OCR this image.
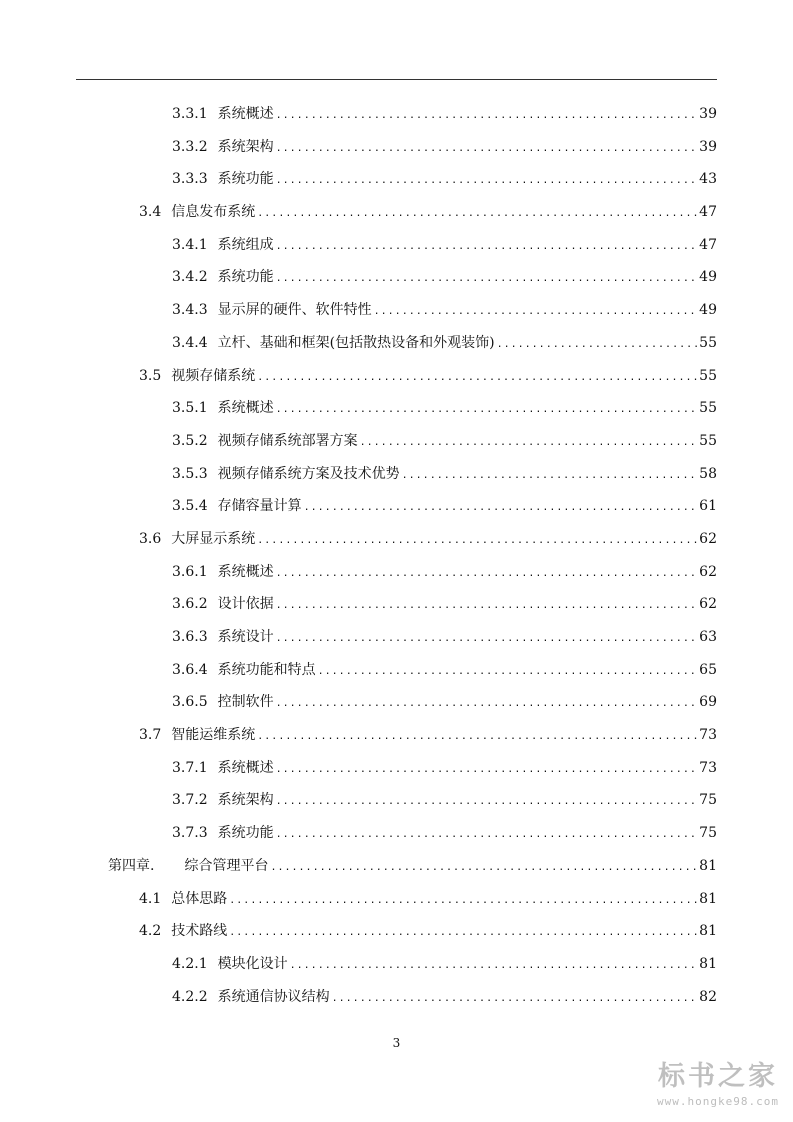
3.3.1 系统概述 .....	39
3.3.2 系统架构 .....	39
3.3.3 系统功能 .....	43
3.4 信息发布系统 .....	47
3.4.1 系统组成 .....	47
3.4.2 系统功能 .....	49
3.4.3 显示屏的硬件、软件特性 .....	49
3.4.4 立杆、基础和框架(包括散热设备和外观装饰) .....	55
3.5 视频存储系统 .....	55
3.5.1 系统概述 .....	55
3.5.2 视频存储系统部署方案 .....	55
3.5.3 视频存储系统方案及技术优势 .....	58
3.5.4 存储容量计算 .....	61
3.6 大屏显示系统 .....	62
3.6.1 系统概述 .....	62
3.6.2 设计依据 .....	62
3.6.3 系统设计 .....	63
3.6.4 系统功能和特点 .....	65
3.6.5 控制软件 .....	69
3.7 智能运维系统 .....	73
3.7.1 系统概述 .....	73
3.7.2 系统架构 .....	75
3.7.3 系统功能 .....	75
第四章. 综合管理平台 .....	81
4.1 总体思路 .....	81
4.2 技术路线 .....	81
4.2.1 模块化设计 .....	81
4.2.2 系统通信协议结构 .....	82
3
标书之家
www.hongke98.com
